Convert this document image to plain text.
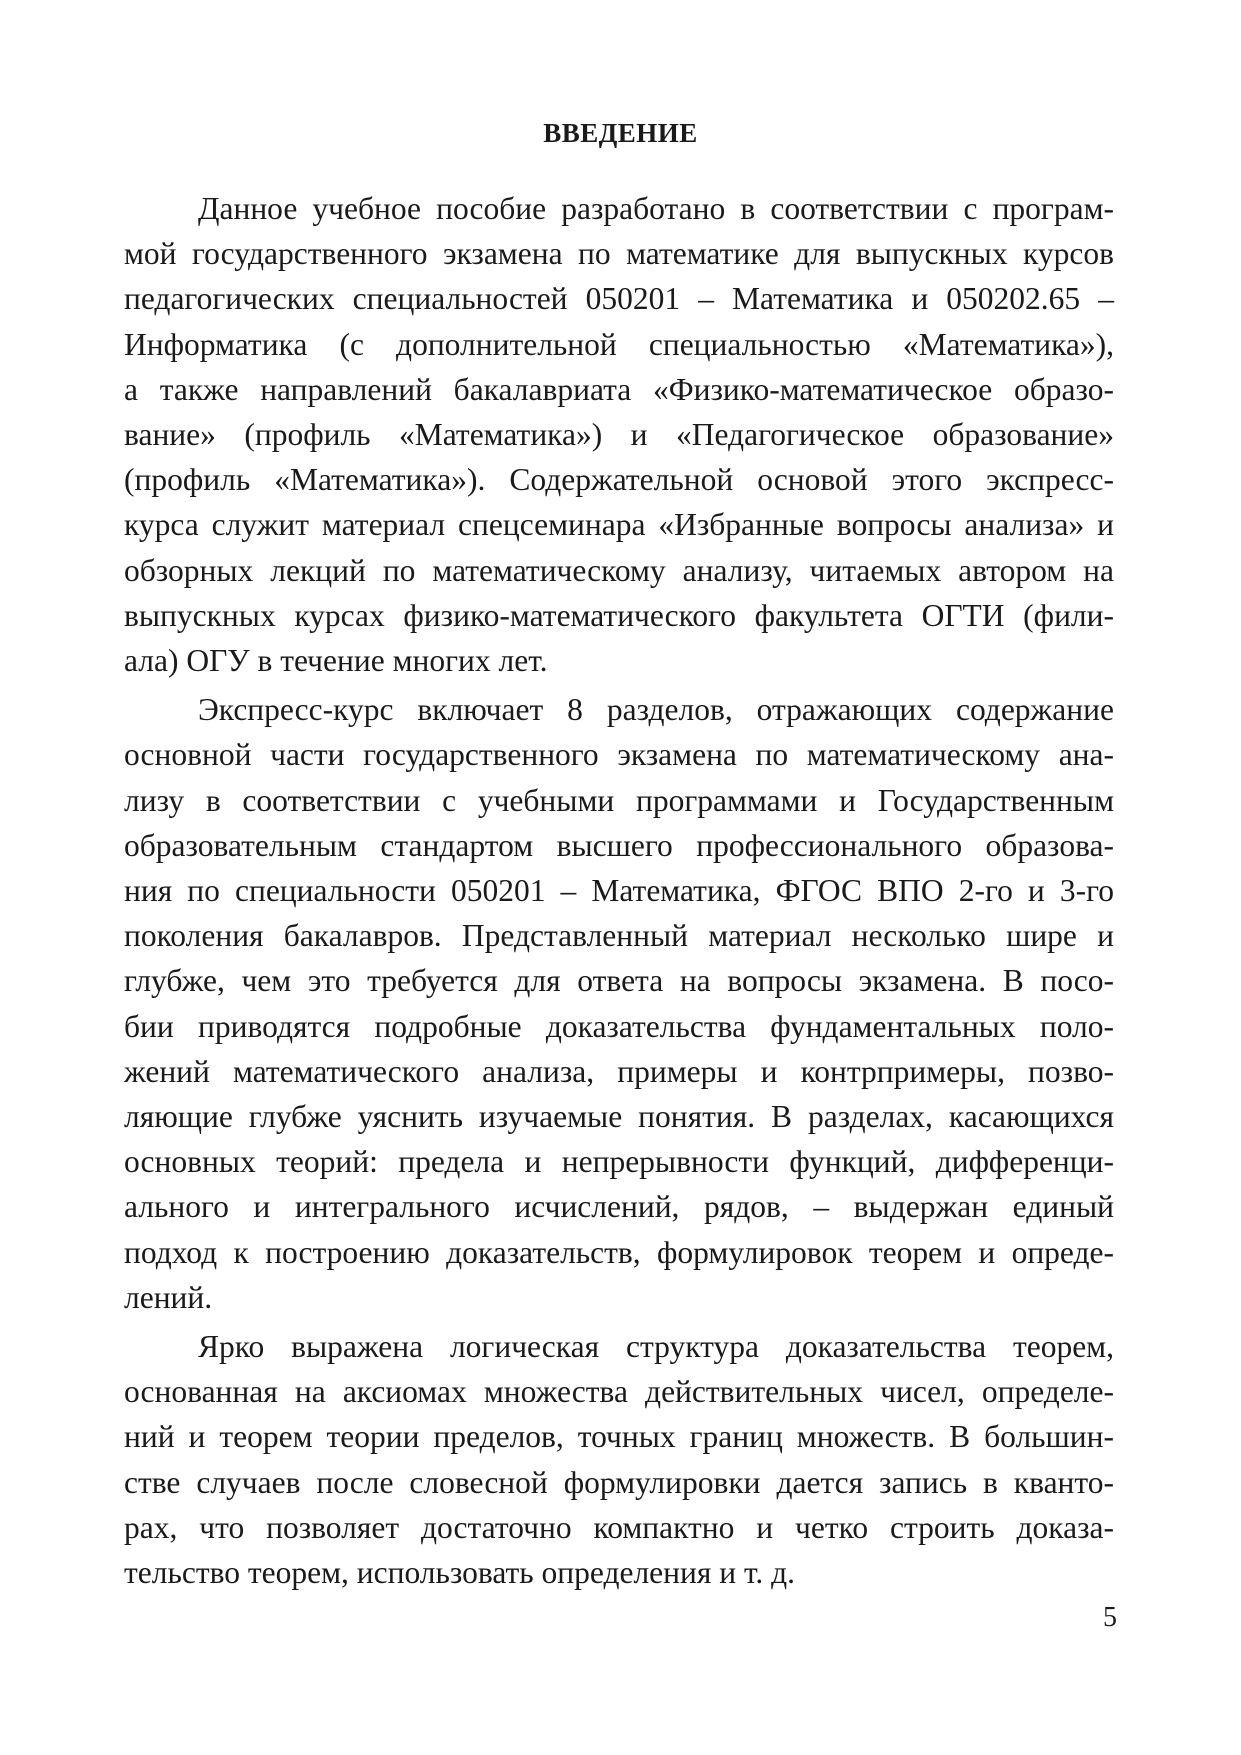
ВВЕДЕНИЕ
Данное учебное пособие разработано в соответствии с програм-
мой государственного экзамена по математике для выпускных курсов
педагогических специальностей 050201 – Математика и 050202.65 –
Информатика (с дополнительной специальностью «Математика»),
а также направлений бакалавриата «Физико-математическое образо-
вание» (профиль «Математика») и «Педагогическое образование»
(профиль «Математика»). Содержательной основой этого экспресс-
курса служит материал спецсеминара «Избранные вопросы анализа» и
обзорных лекций по математическому анализу, читаемых автором на
выпускных курсах физико-математического факультета ОГТИ (фили-
ала) ОГУ в течение многих лет.
Экспресс-курс включает 8 разделов, отражающих содержание
основной части государственного экзамена по математическому ана-
лизу в соответствии с учебными программами и Государственным
образовательным стандартом высшего профессионального образова-
ния по специальности 050201 – Математика, ФГОС ВПО 2-го и 3-го
поколения бакалавров. Представленный материал несколько шире и
глубже, чем это требуется для ответа на вопросы экзамена. В посо-
бии приводятся подробные доказательства фундаментальных поло-
жений математического анализа, примеры и контрпримеры, позво-
ляющие глубже уяснить изучаемые понятия. В разделах, касающихся
основных теорий: предела и непрерывности функций, дифференци-
ального и интегрального исчислений, рядов, – выдержан единый
подход к построению доказательств, формулировок теорем и опреде-
лений.
Ярко выражена логическая структура доказательства теорем,
основанная на аксиомах множества действительных чисел, определе-
ний и теорем теории пределов, точных границ множеств. В большин-
стве случаев после словесной формулировки дается запись в кванто-
рах, что позволяет достаточно компактно и четко строить доказа-
тельство теорем, использовать определения и т. д.
5
